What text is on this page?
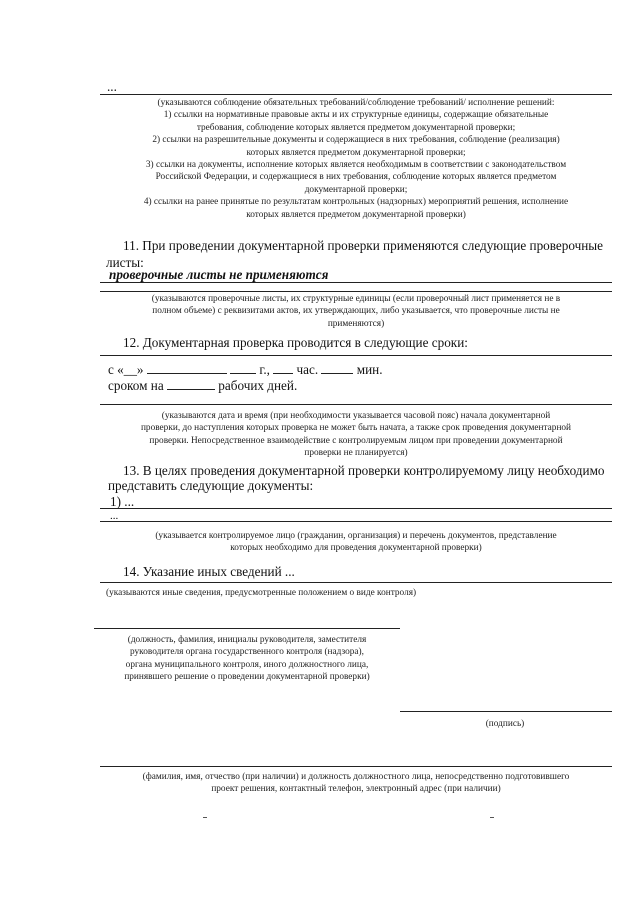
...
(указываются соблюдение обязательных требований/соблюдение требований/ исполнение решений:
1) ссылки на нормативные правовые акты и их структурные единицы, содержащие обязательные
требования, соблюдение которых является предметом документарной проверки;
2) ссылки на разрешительные документы и содержащиеся в них требования, соблюдение (реализация)
которых является предметом документарной проверки;
3) ссылки на документы, исполнение которых является необходимым в соответствии с законодательством
Российской Федерации, и содержащиеся в них требования, соблюдение которых является предметом
документарной проверки;
4) ссылки на ранее принятые по результатам контрольных (надзорных) мероприятий решения, исполнение
которых является предметом документарной проверки)
11. При проведении документарной проверки применяются следующие проверочные
листы:
проверочные листы не применяются
(указываются проверочные листы, их структурные единицы (если проверочный лист применяется не в
полном объеме) с реквизитами актов, их утверждающих, либо указывается, что проверочные листы не
применяются)
12. Документарная проверка проводится в следующие сроки:
с «__»	г., час.	мин.
сроком на	рабочих дней.
(указываются дата и время (при необходимости указывается часовой пояс) начала документарной
проверки, до наступления которых проверка не может быть начата, а также срок проведения документарной
проверки. Непосредственное взаимодействие с контролируемым лицом при проведении документарной
проверки не планируется)
13. В целях проведения документарной проверки контролируемому лицу необходимо
представить следующие документы:
1) ...
...
(указывается контролируемое лицо (гражданин, организация) и перечень документов, представление
которых необходимо для проведения документарной проверки)
14. Указание иных сведений ...
(указываются иные сведения, предусмотренные положением о виде контроля)
(должность, фамилия, инициалы руководителя, заместителя
руководителя органа государственного контроля (надзора),
органа муниципального контроля, иного должностного лица,
принявшего решение о проведении документарной проверки)
(подпись)
(фамилия, имя, отчество (при наличии) и должность должностного лица, непосредственно подготовившего
проект решения, контактный телефон, электронный адрес (при наличии)
